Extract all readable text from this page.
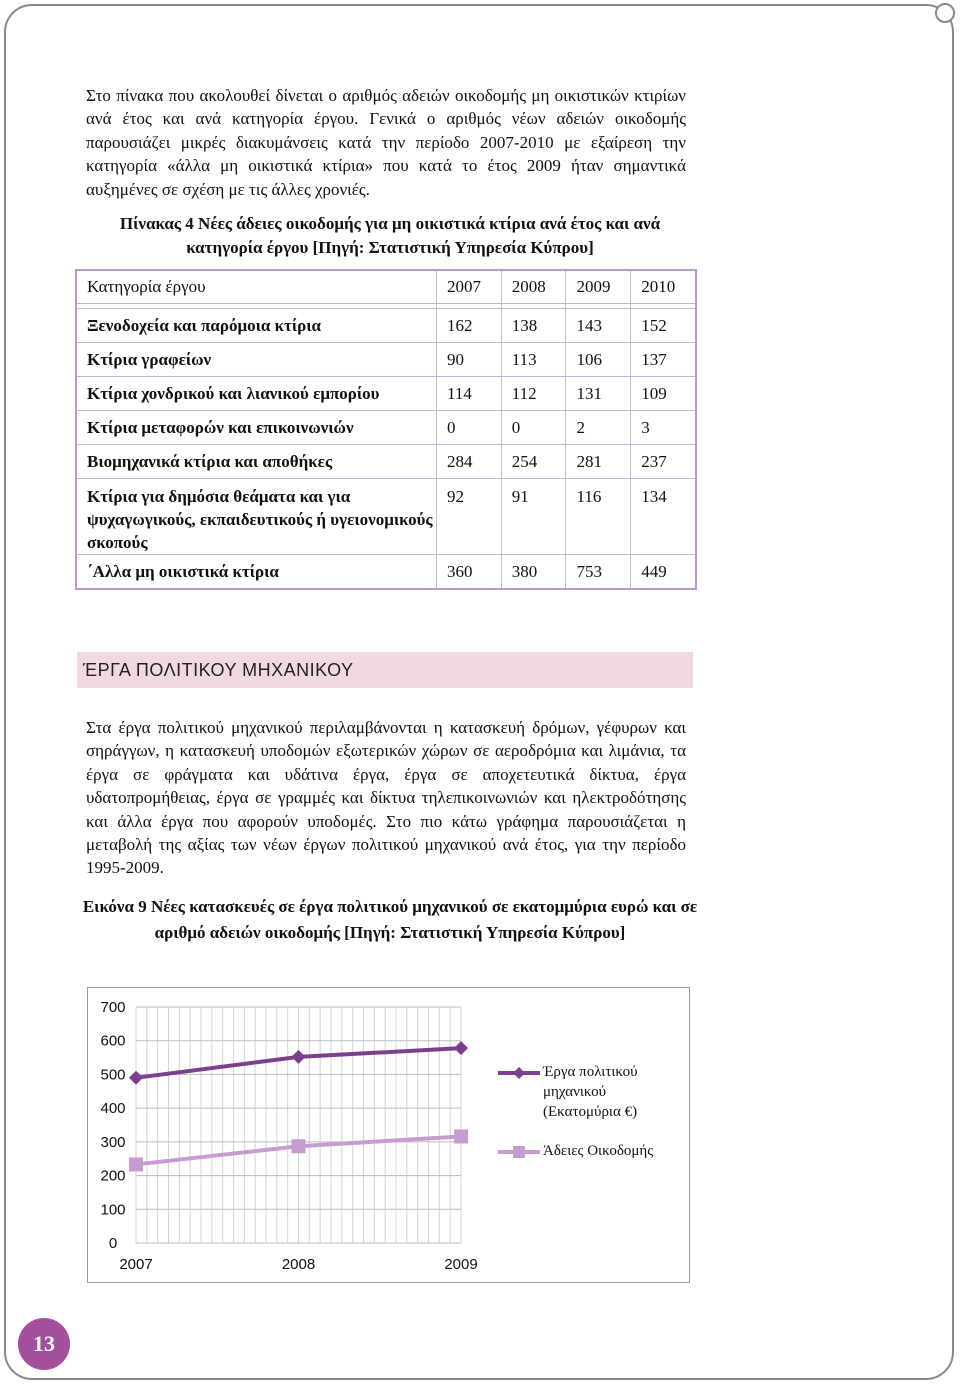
Στο πίνακα που ακολουθεί δίνεται ο αριθμός αδειών οικοδομής μη οικιστικών κτιρίων ανά έτος και ανά κατηγορία έργου. Γενικά ο αριθμός νέων αδειών οικοδομής παρουσιάζει μικρές διακυμάνσεις κατά την περίοδο 2007-2010 με εξαίρεση την κατηγορία «άλλα μη οικιστικά κτίρια» που κατά το έτος 2009 ήταν σημαντικά αυξημένες σε σχέση με τις άλλες χρονιές.
Πίνακας 4 Νέες άδειες οικοδομής για μη οικιστικά κτίρια ανά έτος και ανά κατηγορία έργου [Πηγή: Στατιστική Υπηρεσία Κύπρου]
Κατηγορία έργου	2007	2008	2009	2010

Ξενοδοχεία και παρόμοια κτίρια	162	138	143	152
Κτίρια γραφείων	90	113	106	137
Κτίρια χονδρικού και λιανικού εμπορίου	114	112	131	109
Κτίρια μεταφορών και επικοινωνιών	0	0	2	3
Βιομηχανικά κτίρια και αποθήκες	284	254	281	237
Κτίρια για δημόσια θεάματα και για ψυχαγωγικούς, εκπαιδευτικούς ή υγειονομικούς σκοπούς	92	91	116	134
΄Αλλα μη οικιστικά κτίρια	360	380	753	449
ΈΡΓΑ ΠΟΛΙΤΙΚΟΥ ΜΗΧΑΝΙΚΟΥ
Στα έργα πολιτικού μηχανικού περιλαμβάνονται η κατασκευή δρόμων, γέφυρων και σηράγγων, η κατασκευή υποδομών εξωτερικών χώρων σε αεροδρόμια και λιμάνια, τα έργα σε φράγματα και υδάτινα έργα, έργα σε αποχετευτικά δίκτυα, έργα υδατοπρομήθειας, έργα σε γραμμές και δίκτυα τηλεπικοινωνιών και ηλεκτροδότησης και άλλα έργα που αφορούν υποδομές. Στο πιο κάτω γράφημα παρουσιάζεται η μεταβολή της αξίας των νέων έργων πολιτικού μηχανικού ανά έτος, για την περίοδο 1995-2009.
Εικόνα 9 Νέες κατασκευές σε έργα πολιτικού μηχανικού σε εκατομμύρια ευρώ και σε αριθμό αδειών οικοδομής [Πηγή: Στατιστική Υπηρεσία Κύπρου]
0
100
200
300
400
500
600
700
2007	2008	2009
Έργα πολιτικού
μηχανικού
(Εκατομύρια €)
Άδειες Οικοδομής
13
